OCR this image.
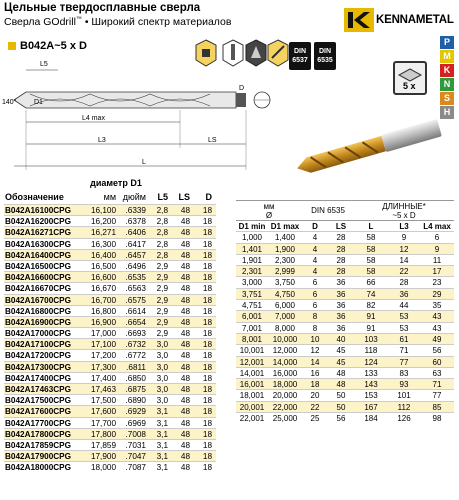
Цельные твердосплавные сверла
Сверла GOdrill™ • Широкий спектр материалов	KENNAMETAL
B042A~5 x D	DIN
6537
DIN
6535
P
M
K
N
S
H
5 x
L5
140°	D1
D
L4 max
L3	LS
L
диаметр D1
Обозначение	мм дюйм	L5	LS	D
B042A16100CPG	16,100	.6339	2,8	48	18
B042A16200CPG	16,200	.6378	2,8	48	18
B042A16271CPG	16,271	.6406	2,8	48	18
B042A16300CPG	16,300	.6417	2,8	48	18
B042A16400CPG	16,400	.6457	2,8	48	18
B042A16500CPG	16,500	.6496	2,9	48	18
B042A16600CPG	16,600	.6535	2,9	48	18
B042A16670CPG	16,670	.6563	2,9	48	18
B042A16700CPG	16,700	.6575	2,9	48	18
B042A16800CPG	16,800	.6614	2,9	48	18
B042A16900CPG	16,900	.6654	2,9	48	18
B042A17000CPG	17,000	.6693	2,9	48	18
B042A17100CPG	17,100	.6732	3,0	48	18
B042A17200CPG	17,200	.6772	3,0	48	18
B042A17300CPG	17,300	.6811	3,0	48	18
B042A17400CPG	17,400	.6850	3,0	48	18
B042A17463CPG	17,463	.6875	3,0	48	18
B042A17500CPG	17,500	.6890	3,0	48	18
B042A17600CPG	17,600	.6929	3,1	48	18
B042A17700CPG	17,700	.6969	3,1	48	18
B042A17800CPG	17,800	.7008	3,1	48	18
B042A17859CPG	17,859	.7031	3,1	48	18
B042A17900CPG	17,900	.7047	3,1	48	18
B042A18000CPG	18,000	.7087	3,1	48	18
мм
Ø
DIN 6535	ДЛИННЫЕ*
~5 x D
D1 min D1 max	D	LS	L	L3	L4 max
1,000	1,400	4	28	58	9	6
1,401	1,900	4	28	58	12	9
1,901	2,300	4	28	58	14	11
2,301	2,999	4	28	58	22	17
3,000	3,750	6	36	66	28	23
3,751	4,750	6	36	74	36	29
4,751	6,000	6	36	82	44	35
6,001	7,000	8	36	91	53	43
7,001	8,000	8	36	91	53	43
8,001	10,000	10	40	103	61	49
10,001	12,000	12	45	118	71	56
12,001	14,000	14	45	124	77	60
14,001	16,000	16	48	133	83	63
16,001	18,000	18	48	143	93	71
18,001	20,000	20	50	153	101	77
20,001	22,000	22	50	167	112	85
22,001	25,000	25	56	184	126	98
